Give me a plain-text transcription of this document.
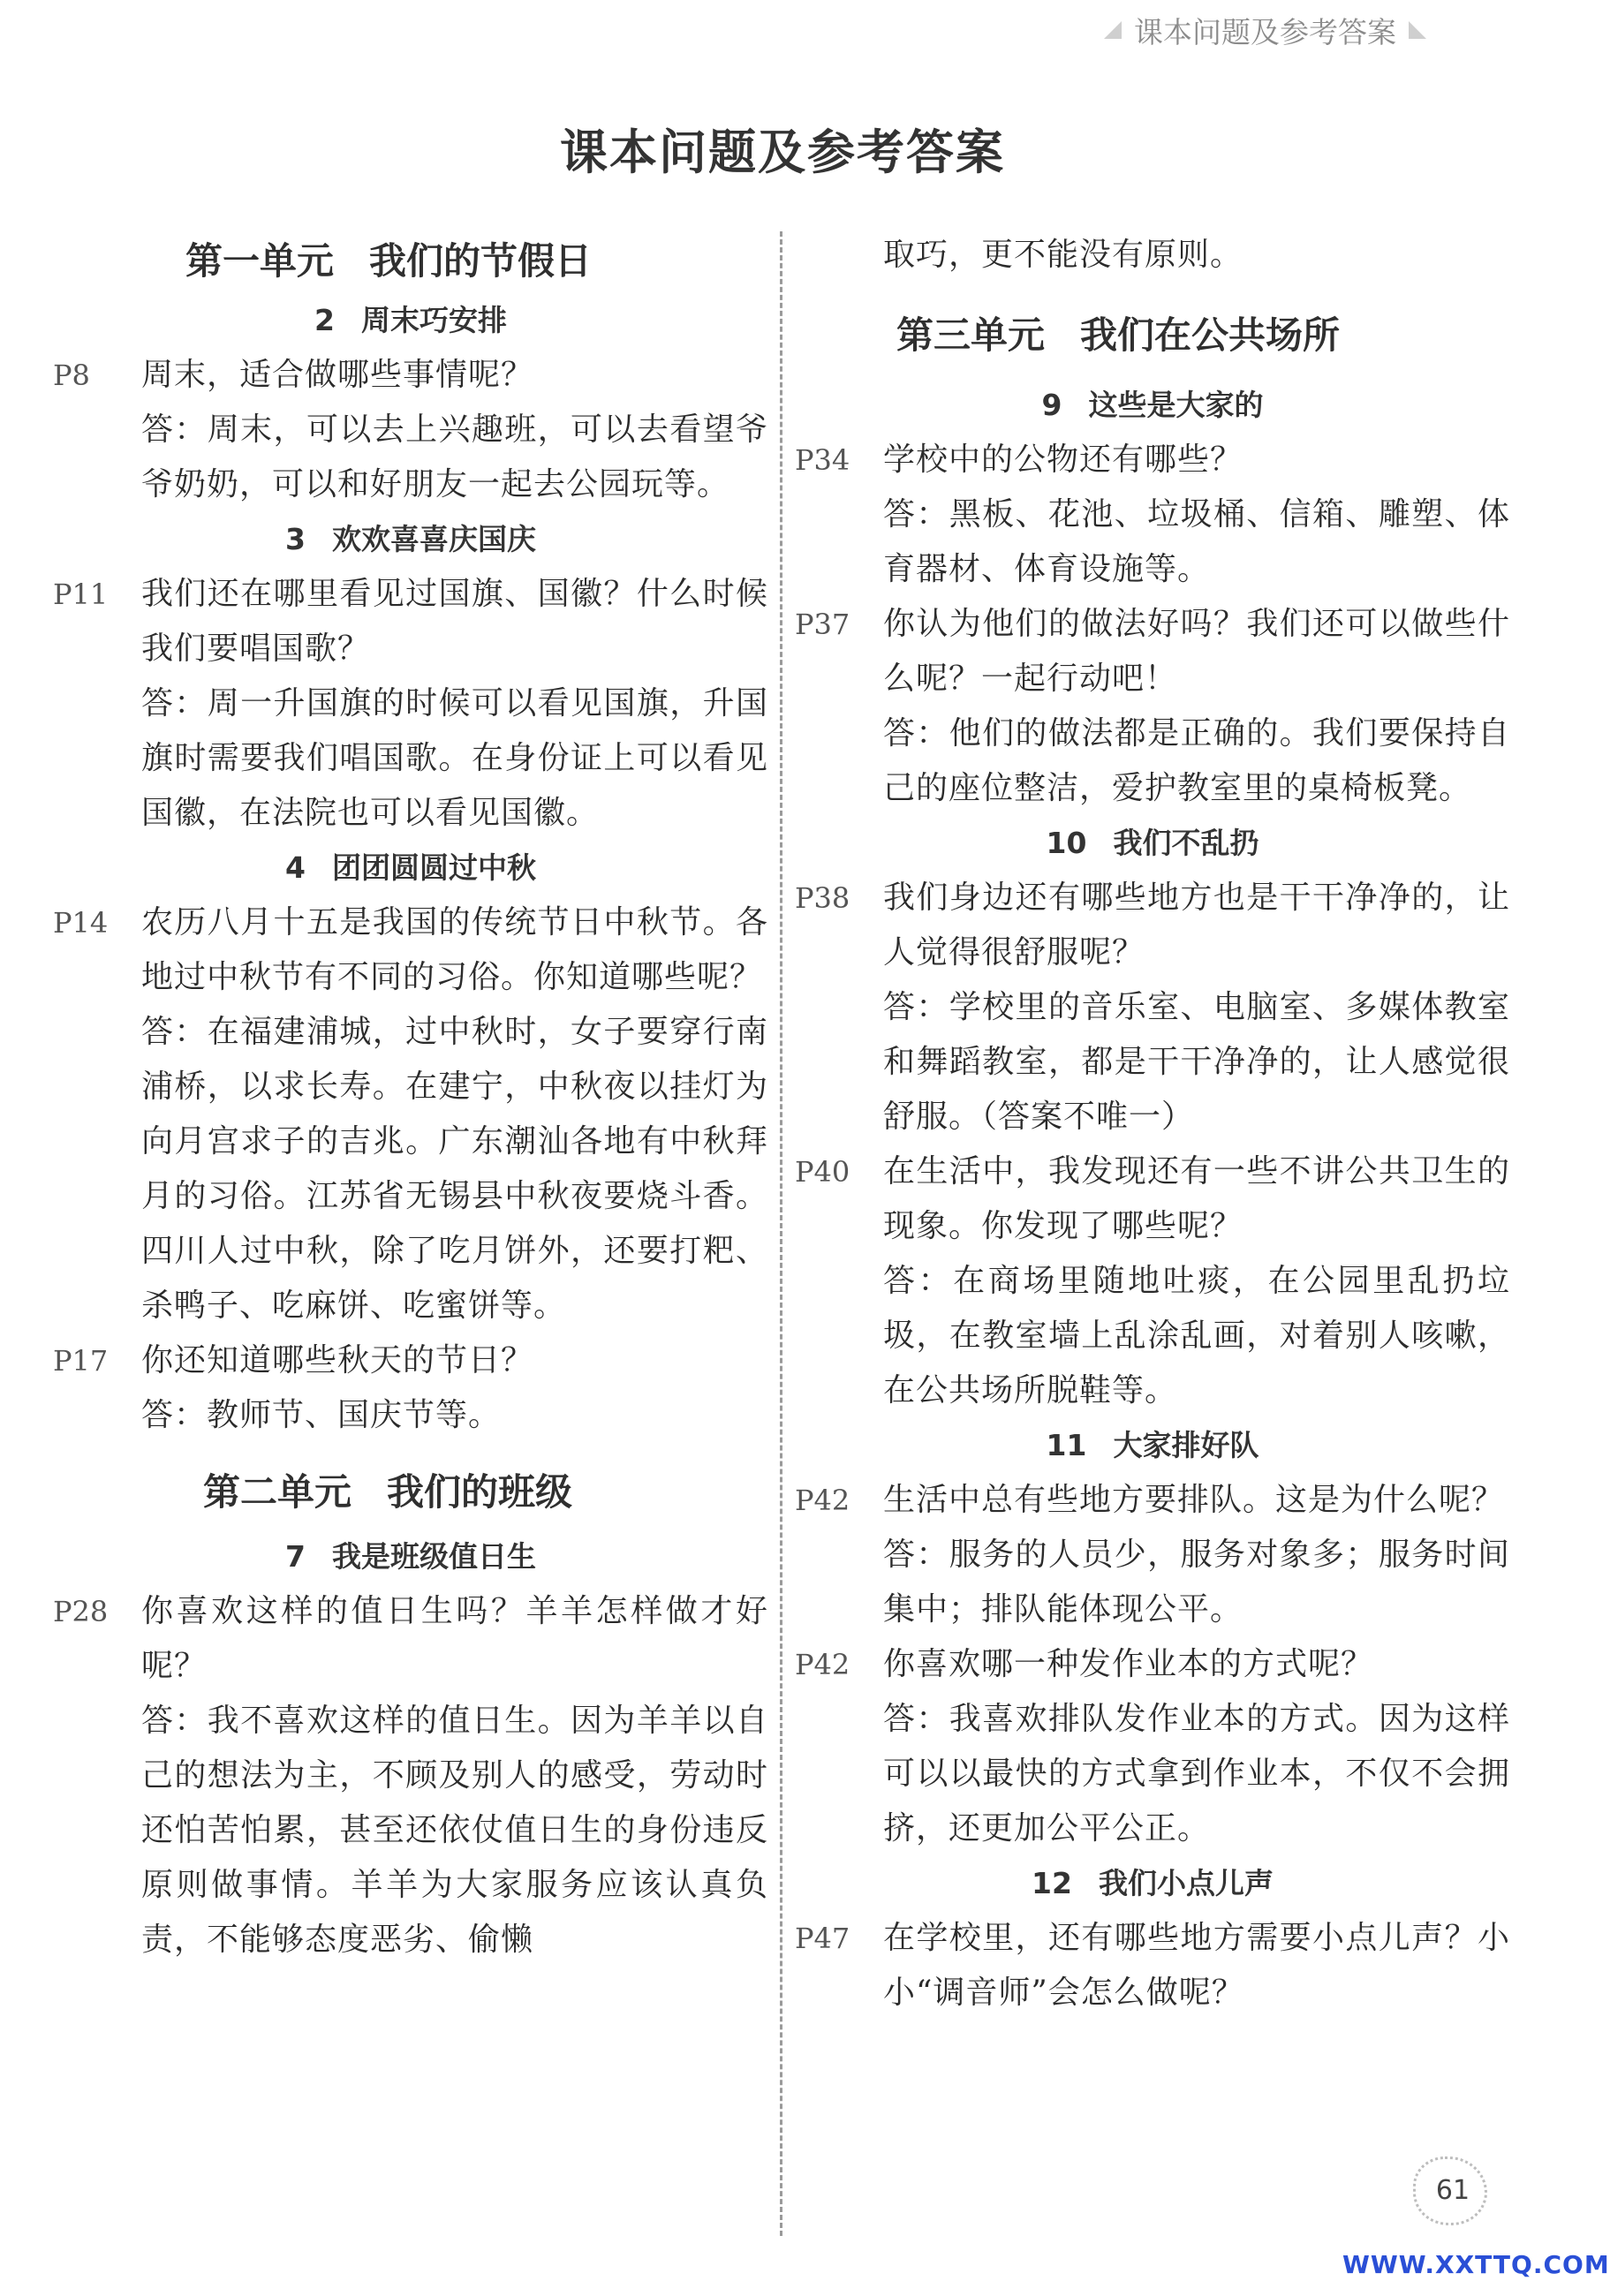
课本问题及参考答案
课本问题及参考答案
第一单元 我们的节假日
2 周末巧安排
P8	周末，适合做哪些事情呢？

答：周末，可以去上兴趣班，可以去看望爷爷奶奶，可以和好朋友一起去公园玩等。

3 欢欢喜喜庆国庆
P11	我们还在哪里看见过国旗、国徽？什么时候我们要唱国歌？

答：周一升国旗的时候可以看见国旗，升国旗时需要我们唱国歌。在身份证上可以看见国徽，在法院也可以看见国徽。

4 团团圆圆过中秋
P14	农历八月十五是我国的传统节日中秋节。各地过中秋节有不同的习俗。你知道哪些呢？

答：在福建浦城，过中秋时，女子要穿行南浦桥，以求长寿。在建宁，中秋夜以挂灯为向月宫求子的吉兆。广东潮汕各地有中秋拜月的习俗。江苏省无锡县中秋夜要烧斗香。四川人过中秋，除了吃月饼外，还要打粑、杀鸭子、吃麻饼、吃蜜饼等。

P17	你还知道哪些秋天的节日？

答：教师节、国庆节等。

第二单元 我们的班级
7 我是班级值日生
P28	你喜欢这样的值日生吗？羊羊怎样做才好呢？

答：我不喜欢这样的值日生。因为羊羊以自己的想法为主，不顾及别人的感受，劳动时还怕苦怕累，甚至还依仗值日生的身份违反原则做事情。羊羊为大家服务应该认真负责，不能够态度恶劣、偷懒

取巧，更不能没有原则。

第三单元 我们在公共场所
9 这些是大家的
P34	学校中的公物还有哪些？

答：黑板、花池、垃圾桶、信箱、雕塑、体育器材、体育设施等。

P37	你认为他们的做法好吗？我们还可以做些什么呢？一起行动吧！

答：他们的做法都是正确的。我们要保持自己的座位整洁，爱护教室里的桌椅板凳。

10 我们不乱扔
P38	我们身边还有哪些地方也是干干净净的，让人觉得很舒服呢？

答：学校里的音乐室、电脑室、多媒体教室和舞蹈教室，都是干干净净的，让人感觉很舒服。（答案不唯一）

P40	在生活中，我发现还有一些不讲公共卫生的现象。你发现了哪些呢？

答：在商场里随地吐痰，在公园里乱扔垃圾，在教室墙上乱涂乱画，对着别人咳嗽，在公共场所脱鞋等。

11 大家排好队
P42	生活中总有些地方要排队。这是为什么呢？

答：服务的人员少，服务对象多；服务时间集中；排队能体现公平。

P42	你喜欢哪一种发作业本的方式呢？

答：我喜欢排队发作业本的方式。因为这样可以以最快的方式拿到作业本，不仅不会拥挤，还更加公平公正。

12 我们小点儿声
P47	在学校里，还有哪些地方需要小点儿声？小小“调音师”会怎么做呢？

61
WWW.XXTTQ.COM
